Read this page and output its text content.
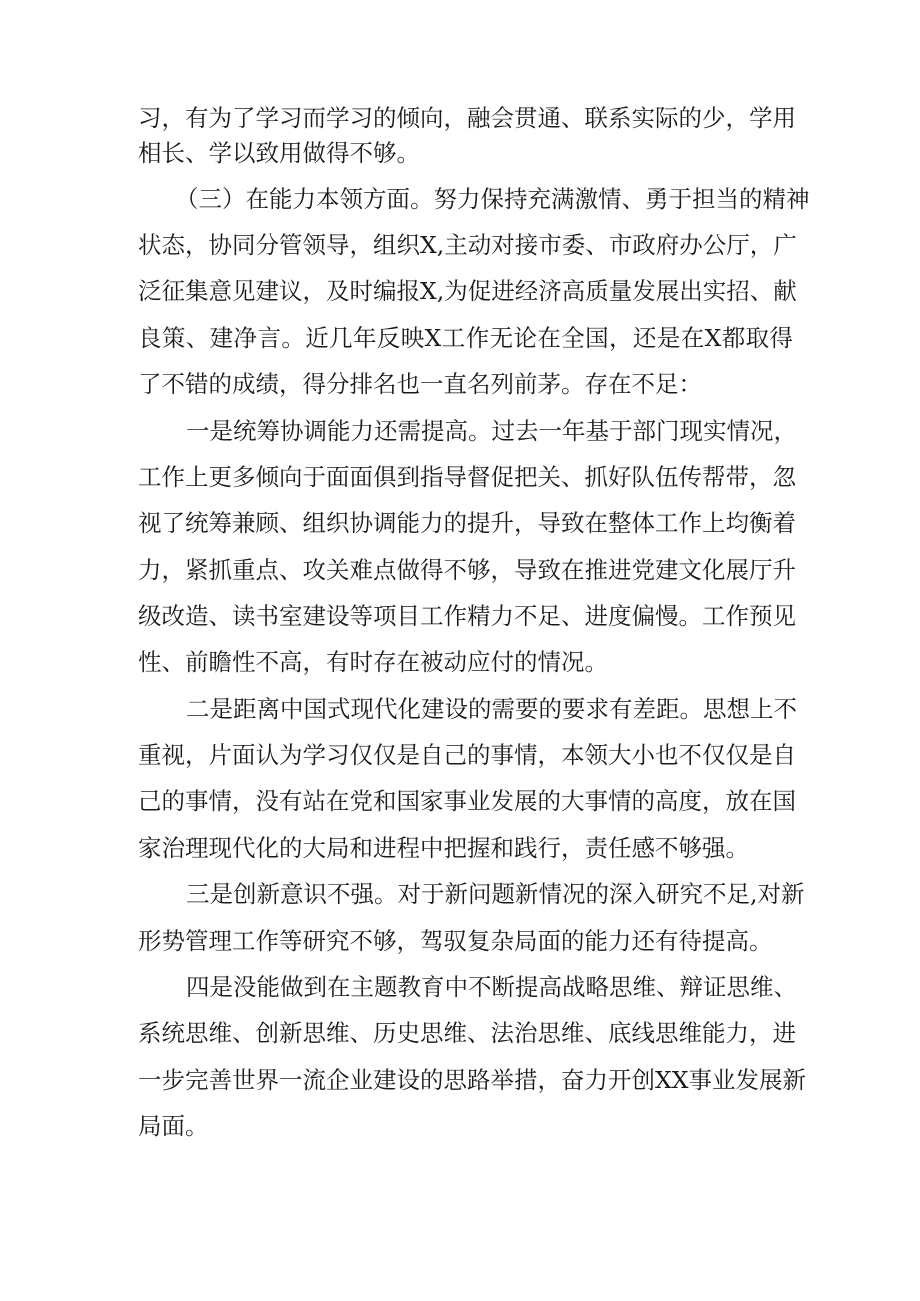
习，有为了学习而学习的倾向，融会贯通、联系实际的少，学用
相长、学以致用做得不够。
（三）在能力本领方面。努力保持充满激情、勇于担当的精神
状态，协同分管领导，组织X,主动对接市委、市政府办公厅，广
泛征集意见建议，及时编报X,为促进经济高质量发展出实招、献
良策、建净言。近几年反映X工作无论在全国，还是在X都取得
了不错的成绩，得分排名也一直名列前茅。存在不足：
一是统筹协调能力还需提高。过去一年基于部门现实情况，
工作上更多倾向于面面俱到指导督促把关、抓好队伍传帮带，忽
视了统筹兼顾、组织协调能力的提升，导致在整体工作上均衡着
力，紧抓重点、攻关难点做得不够，导致在推进党建文化展厅升
级改造、读书室建设等项目工作精力不足、进度偏慢。工作预见
性、前瞻性不高，有时存在被动应付的情况。
二是距离中国式现代化建设的需要的要求有差距。思想上不
重视，片面认为学习仅仅是自己的事情，本领大小也不仅仅是自
己的事情，没有站在党和国家事业发展的大事情的高度，放在国
家治理现代化的大局和进程中把握和践行，责任感不够强。
三是创新意识不强。对于新问题新情况的深入研究不足,对新
形势管理工作等研究不够，驾驭复杂局面的能力还有待提高。
四是没能做到在主题教育中不断提高战略思维、辩证思维、
系统思维、创新思维、历史思维、法治思维、底线思维能力，进
一步完善世界一流企业建设的思路举措，奋力开创XX事业发展新
局面。
